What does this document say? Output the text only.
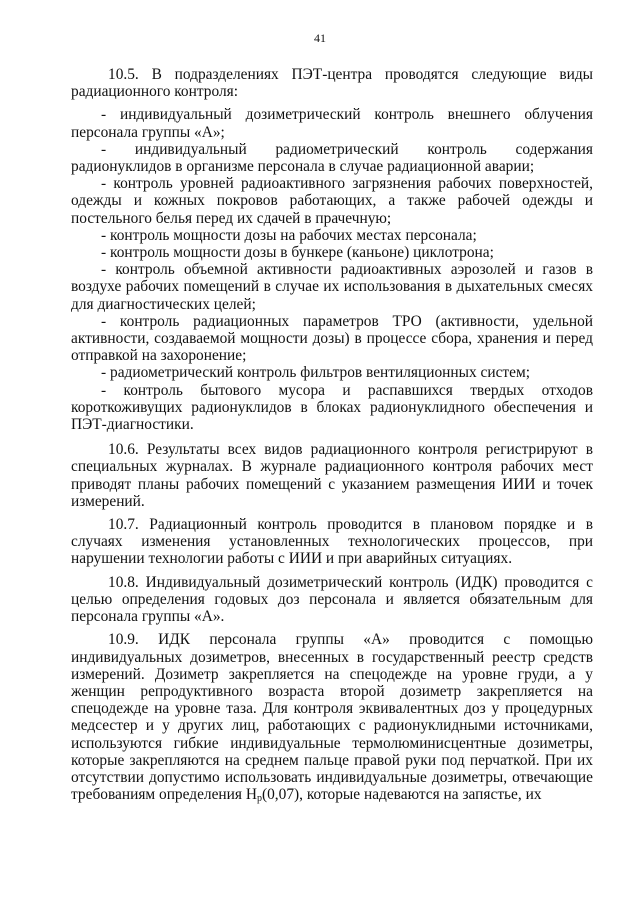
41

10.5. В подразделениях ПЭТ-центра проводятся следующие виды радиационного контроля:

- индивидуальный дозиметрический контроль внешнего облучения персонала группы «А»;
- индивидуальный радиометрический контроль содержания радионуклидов в организме персонала в случае радиационной аварии;
- контроль уровней радиоактивного загрязнения рабочих поверхностей, одежды и кожных покровов работающих, а также рабочей одежды и постельного белья перед их сдачей в прачечную;
- контроль мощности дозы на рабочих местах персонала;
- контроль мощности дозы в бункере (каньоне) циклотрона;
- контроль объемной активности радиоактивных аэрозолей и газов в воздухе рабочих помещений в случае их использования в дыхательных смесях для диагностических целей;
- контроль радиационных параметров ТРО (активности, удельной активности, создаваемой мощности дозы) в процессе сбора, хранения и перед отправкой на захоронение;
- радиометрический контроль фильтров вентиляционных систем;
- контроль бытового мусора и распавшихся твердых отходов короткоживущих радионуклидов в блоках радионуклидного обеспечения и ПЭТ-диагностики.

10.6. Результаты всех видов радиационного контроля регистрируют в специальных журналах. В журнале радиационного контроля рабочих мест приводят планы рабочих помещений с указанием размещения ИИИ и точек измерений.

10.7. Радиационный контроль проводится в плановом порядке и в случаях изменения установленных технологических процессов, при нарушении технологии работы с ИИИ и при аварийных ситуациях.

10.8. Индивидуальный дозиметрический контроль (ИДК) проводится с целью определения годовых доз персонала и является обязательным для персонала группы «А».

10.9. ИДК персонала группы «А» проводится с помощью индивидуальных дозиметров, внесенных в государственный реестр средств измерений. Дозиметр закрепляется на спецодежде на уровне груди, а у женщин репродуктивного возраста второй дозиметр закрепляется на спецодежде на уровне таза. Для контроля эквивалентных доз у процедурных медсестер и у других лиц, работающих с радионуклидными источниками, используются гибкие индивидуальные термолюминисцентные дозиметры, которые закрепляются на среднем пальце правой руки под перчаткой. При их отсутствии допустимо использовать индивидуальные дозиметры, отвечающие требованиям определения $H_p(0,07)$, которые надеваются на запястье, их
